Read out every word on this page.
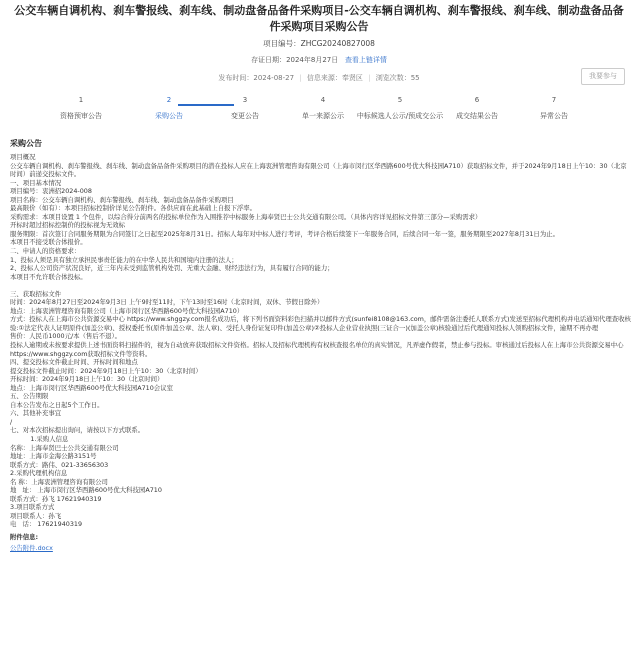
公交车辆自调机构、刹车警报线、刹车线、制动盘备品备件采购项目-公交车辆自调机构、刹车警报线、刹车线、制动盘备品备件采购项目采购公告
项目编号：ZHCG20240827008
存证日期：2024年8月27日 查看上链详情
发布时间：2024-08-27 | 信息来源：奉贤区 | 浏览次数：55	我要参与
1
资格预审公告
2
采购公告
3
变更公告
4
单一来源公示
5
中标候选人公示/预成交公示
6
成交结果公告
7
异常公告
采购公告
项目概况
公交车辆自调机构、刹车警报线、刹车线、制动盘备品备件采购项目的潜在投标人应在上海衷洲管理咨询有限公司（上海市闵行区华西路600号优大科技园A710）获取招标文件，并于2024年9月18日上午10：30（北京时间）前递交投标文件。
一、项目基本情况
项目编号：衷洲招2024-008
项目名称：公交车辆自调机构、刹车警报线、刹车线、制动盘备品备件采购项目
最高限价（如有）：本项目招标控制价详见公告附件。各供应商在此基础上自报下浮率。
采购需求：本项目设置 1 个包件，以综合得分前两名的投标单位作为入围推荐中标服务上海奉贤巴士公共交通有限公司。（具体内容详见招标文件第三部分—采购需求）
开标时超过招标控制价的投标视为无效标
服务期限：首次签订合同服务期限为合同签订之日起至2025年8月31日。招标人每年对中标人进行考评，考评合格后续签下一年服务合同，后续合同一年一签，服务期限至2027年8月31日为止。
本项目不接受联合体报价。
二、申请人的资格要求：
1、投标人须是具有独立承担民事责任能力的在中华人民共和国境内注册的法人；
2、投标人公司资产状况良好，近三年内未受到监管机构处罚、无重大金融、财经违法行为，具有履行合同的能力；
本项目不允许联合体投标。
三、获取招标文件
时间：2024年8月27日至2024年9月3日 上午9时至11时，下午13时至16时（北京时间，双休、节假日除外）
地点：上海衷洲管理咨询有限公司（上海市闵行区华西路600号优大科技园A710）
方式：投标人在上海市公共资源交易中心 https://www.shggzy.com报名成功后，将下列书面资料彩色扫描并以邮件方式(sunfei8108@163.com，邮件需备注委托人联系方式)发送至招标代理机构并电话通知代理查收核验:①法定代表人证明原件(加盖公章)、授权委托书(原件加盖公章、法人章)、受托人身份证复印件(加盖公章)②投标人企业营业执照(三证合一)(加盖公章)核验通过后代理通知投标人领购招标文件，逾期不再办理
售价：人民币1000元/本（售后不退）。
投标人逾期或未按要求提供上述书面资料扫描件的，视为自动放弃获取招标文件资格。招标人及招标代理机构有权核查报名单位的真实情况，凡弄虚作假者，禁止参与投标。审核通过后投标人在上海市公共资源交易中心 https://www.shggzy.com获取招标文件等资料。
四、提交投标文件截止时间、开标时间和地点
提交投标文件截止时间：2024年9月18日上午10：30（北京时间）
开标时间：2024年9月18日上午10：30（北京时间）
地点：上海市闵行区华西路600号优大科技园A710会议室
五、公告期限
自本公告发布之日起5个工作日。
六、其他补充事宜
/
七、对本次招标提出询问，请按以下方式联系。
1.采购人信息
名称：上海奉贤巴士公共交通有限公司
地址：上海市金海公路3151号
联系方式：路伟、021-33656303
2.采购代理机构信息
名 称：上海衷洲管理咨询有限公司
地   址： 上海市闵行区华西路600号优大科技园A710
联系方式：孙飞 17621940319
3.项目联系方式
项目联系人：孙飞
电   话： 17621940319
附件信息:
公告附件.docx
